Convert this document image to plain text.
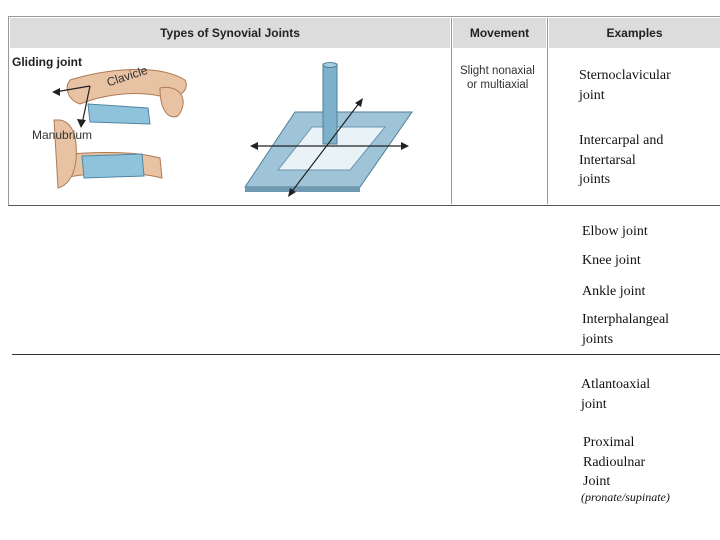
Types of Synovial Joints	Movement	Examples
Gliding joint
Clavicle
Manubrium
Slight nonaxial
or multiaxial
Sternoclavicular
joint
Intercarpal and
Intertarsal
joints
Elbow joint
Knee joint
Ankle joint
Interphalangeal
joints
Atlantoaxial
joint
Proximal
Radioulnar
Joint
(pronate/supinate)
